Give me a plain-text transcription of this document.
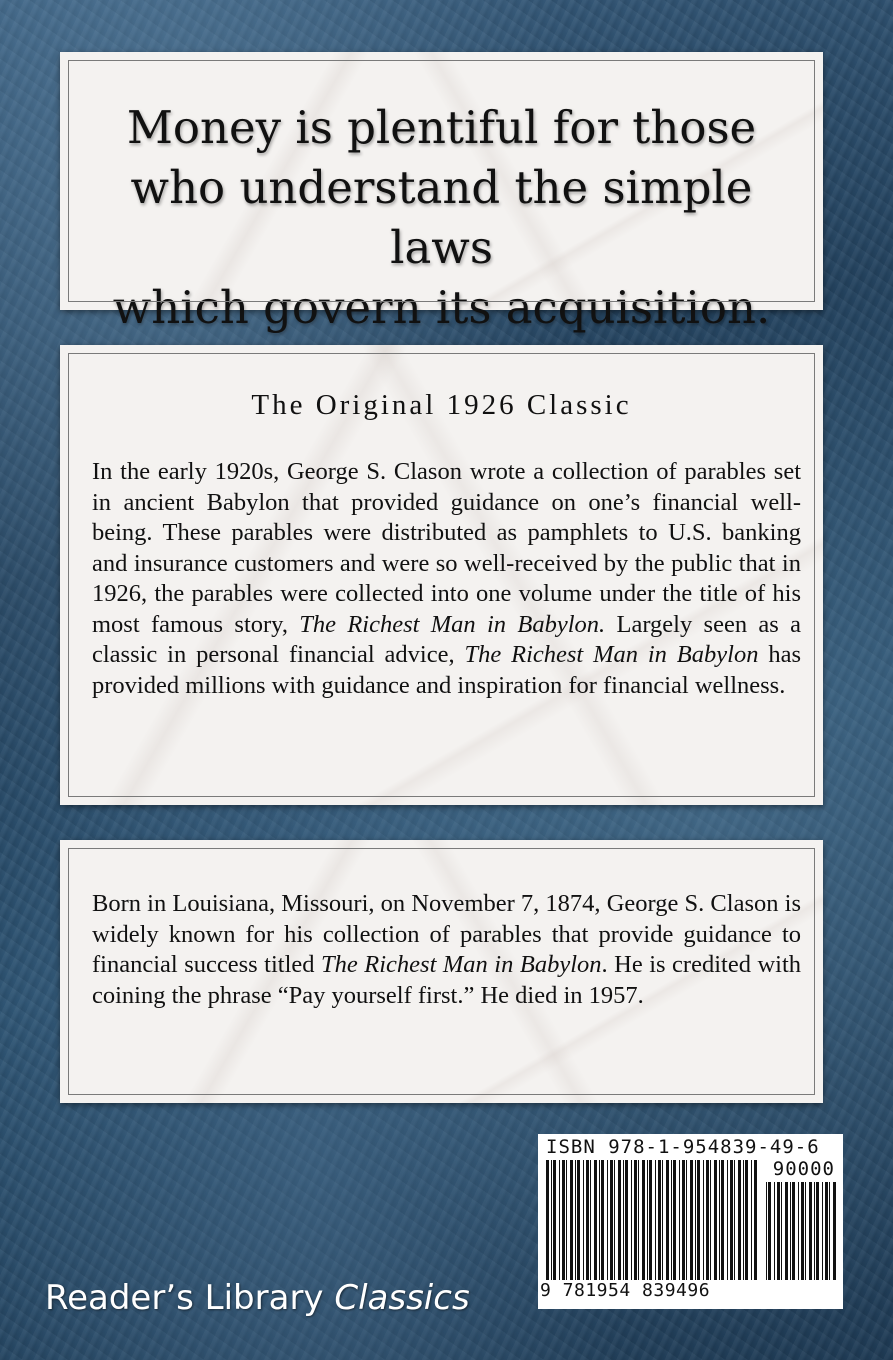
Money is plentiful for those
who understand the simple laws
which govern its acquisition.
The Original 1926 Classic
In the early 1920s, George S. Clason wrote a collection of parables set in ancient Babylon that provided guidance on one’s financial well-being. These parables were distributed as pamphlets to U.S. banking and insurance customers and were so well-received by the public that in 1926, the parables were collected into one volume under the title of his most famous story, The Richest Man in Babylon. Largely seen as a classic in personal financial advice, The Richest Man in Babylon has provided millions with guidance and inspiration for financial wellness.
Born in Louisiana, Missouri, on November 7, 1874, George S. Clason is widely known for his collection of parables that provide guidance to financial success titled The Richest Man in Babylon. He is credited with coining the phrase “Pay yourself first.” He died in 1957.
Reader’s Library Classics
ISBN 978-1-954839-49-6
90000
9 781954 839496
